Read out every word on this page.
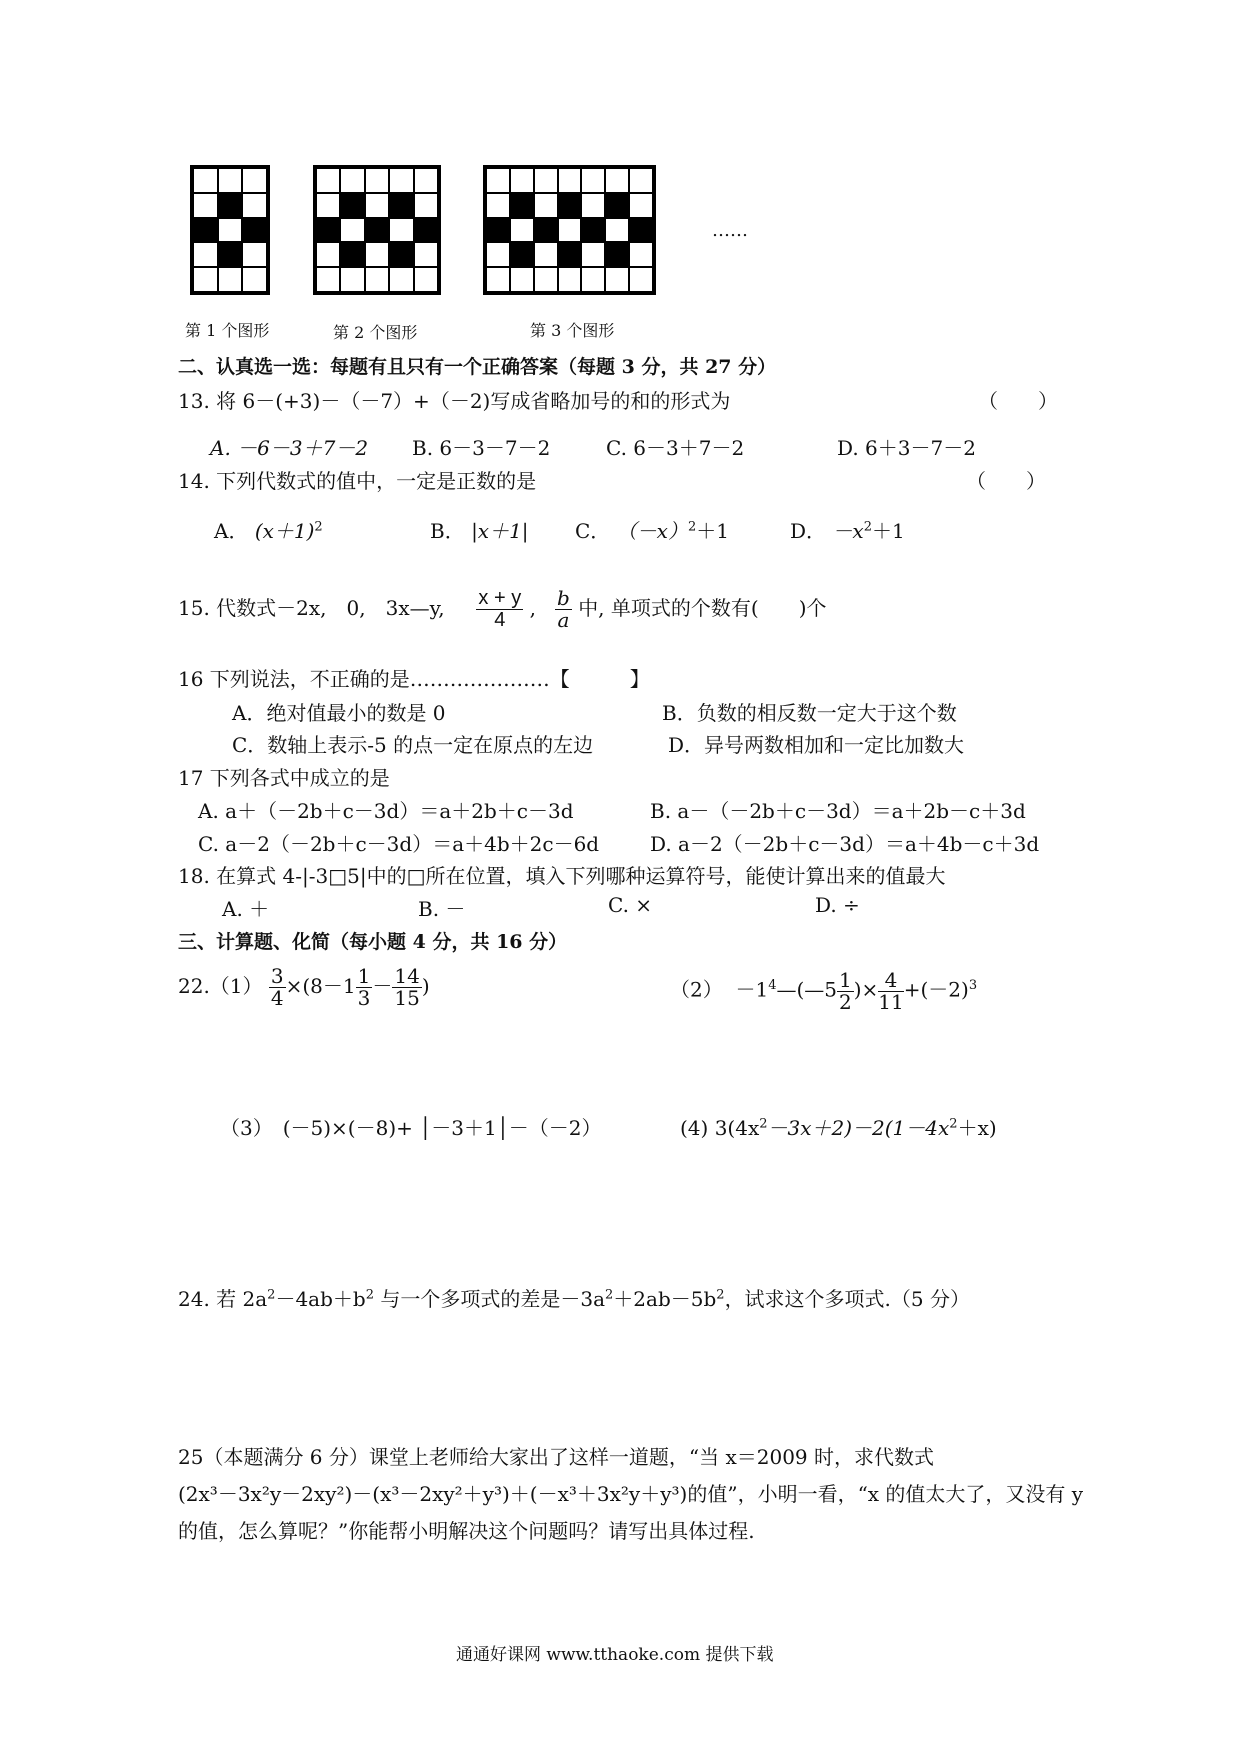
……
第 1 个图形	第 2 个图形	第 3 个图形
二、认真选一选：每题有且只有一个正确答案（每题 3 分，共 27 分）
13. 将 6－(+3)－（－7）+（－2)写成省略加号的和的形式为	（　　）
A. －6－3＋7－2 B. 6－3－7－2	C. 6－3＋7－2	D. 6＋3－7－2
14. 下列代数式的值中，一定是正数的是	（　　）
A． $(x+1)^2$	B． |x＋1| C． $(-x)^2+1$	D． $-x^2+1$
15. 代数式－2x,　0,　3x—y, $\frac{x + y}{4}$ , $\frac{b}{a}$ 中, 单项式的个数有(　　)个
16 下列说法，不正确的是…………………【　　　】
A．绝对值最小的数是 0	B．负数的相反数一定大于这个数
C．数轴上表示-5 的点一定在原点的左边	D．异号两数相加和一定比加数大
17 下列各式中成立的是
A. a＋（－2b＋c－3d）＝a＋2b＋c－3d	B. a－（－2b＋c－3d）＝a＋2b－c＋3d
C. a－2（－2b＋c－3d）＝a＋4b＋2c－6d	D. a－2（－2b＋c－3d）＝a＋4b－c＋3d
18. 在算式 4-|-3□5|中的□所在位置，填入下列哪种运算符号，能使计算出来的值最大
A. ＋	B. －	C. ×	D. ÷
三、计算题、化简（每小题 4 分，共 16 分）
$22.(1) \frac{3}{4} \times(8-1 \frac{1}{3} - \frac{14}{15}$ )	$(2) -1^4—(—5 \frac{1}{2}$ )× $\frac{4}{11} +(-2)^3$
（3）　(－5)×(－8)+ │－3＋1│－（－2）	(4) $3(4x^2-3x+2)-2(1-4x^2+x)$
24. 若 $2a^2-4ab+b^2$ 与一个多项式的差是$-3a^2+2ab-5b^2$，试求这个多项式.（5 分）
25（本题满分 6 分）课堂上老师给大家出了这样一道题，“当 x＝2009 时，求代数式
(2x³－3x²y－2xy²)－(x³－2xy²＋y³)＋(－x³＋3x²y＋y³)的值”，小明一看，“x 的值太大了，又没有 y
的值，怎么算呢？”你能帮小明解决这个问题吗？请写出具体过程.
通通好课网 www.tthaoke.com 提供下载
